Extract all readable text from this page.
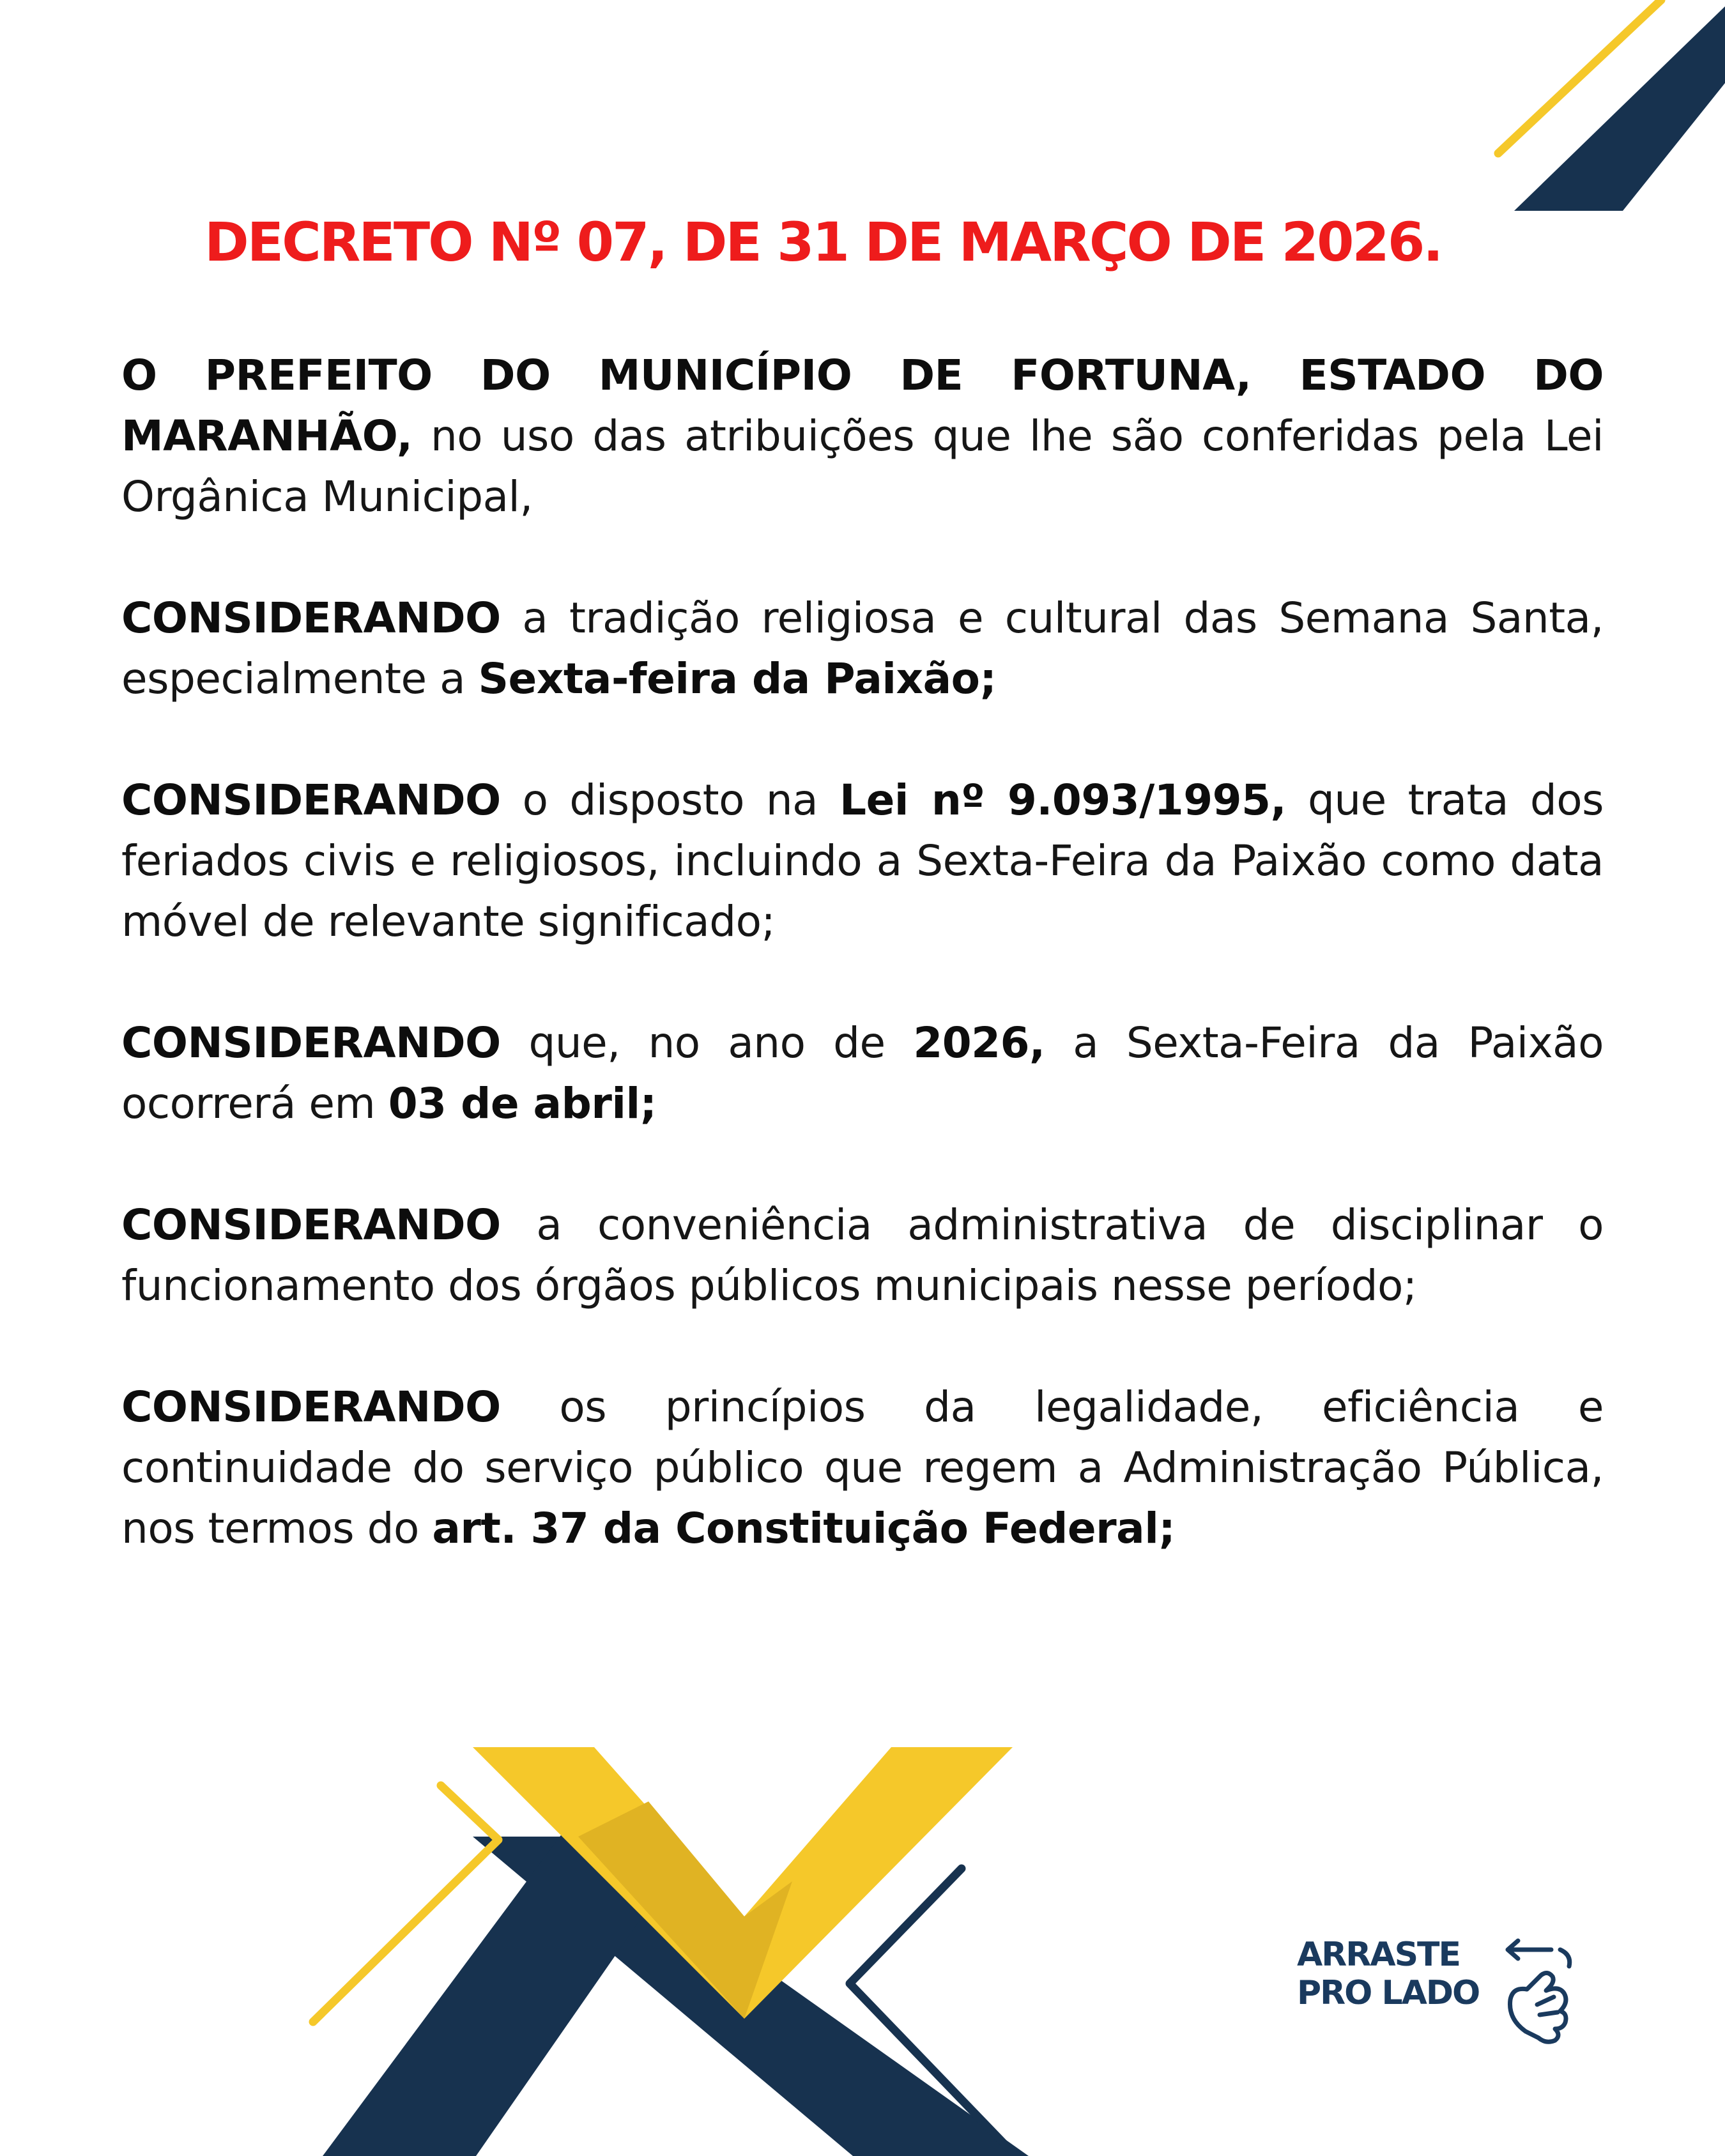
DECRETO Nº 07, DE 31 DE MARÇO DE 2026.

O PREFEITO DO MUNICÍPIO DE FORTUNA, ESTADO DO MARANHÃO, no uso das atribuições que lhe são conferidas pela Lei Orgânica Municipal,

CONSIDERANDO a tradição religiosa e cultural das Semana Santa, especialmente a Sexta-feira da Paixão;

CONSIDERANDO o disposto na Lei nº 9.093/1995, que trata dos feriados civis e religiosos, incluindo a Sexta-Feira da Paixão como data móvel de relevante significado;

CONSIDERANDO que, no ano de 2026, a Sexta-Feira da Paixão ocorrerá em 03 de abril;

CONSIDERANDO a conveniência administrativa de disciplinar o funcionamento dos órgãos públicos municipais nesse período;

CONSIDERANDO os princípios da legalidade, eficiência e continuidade do serviço público que regem a Administração Pública, nos termos do art. 37 da Constituição Federal;

ARRASTE
PRO LADO
